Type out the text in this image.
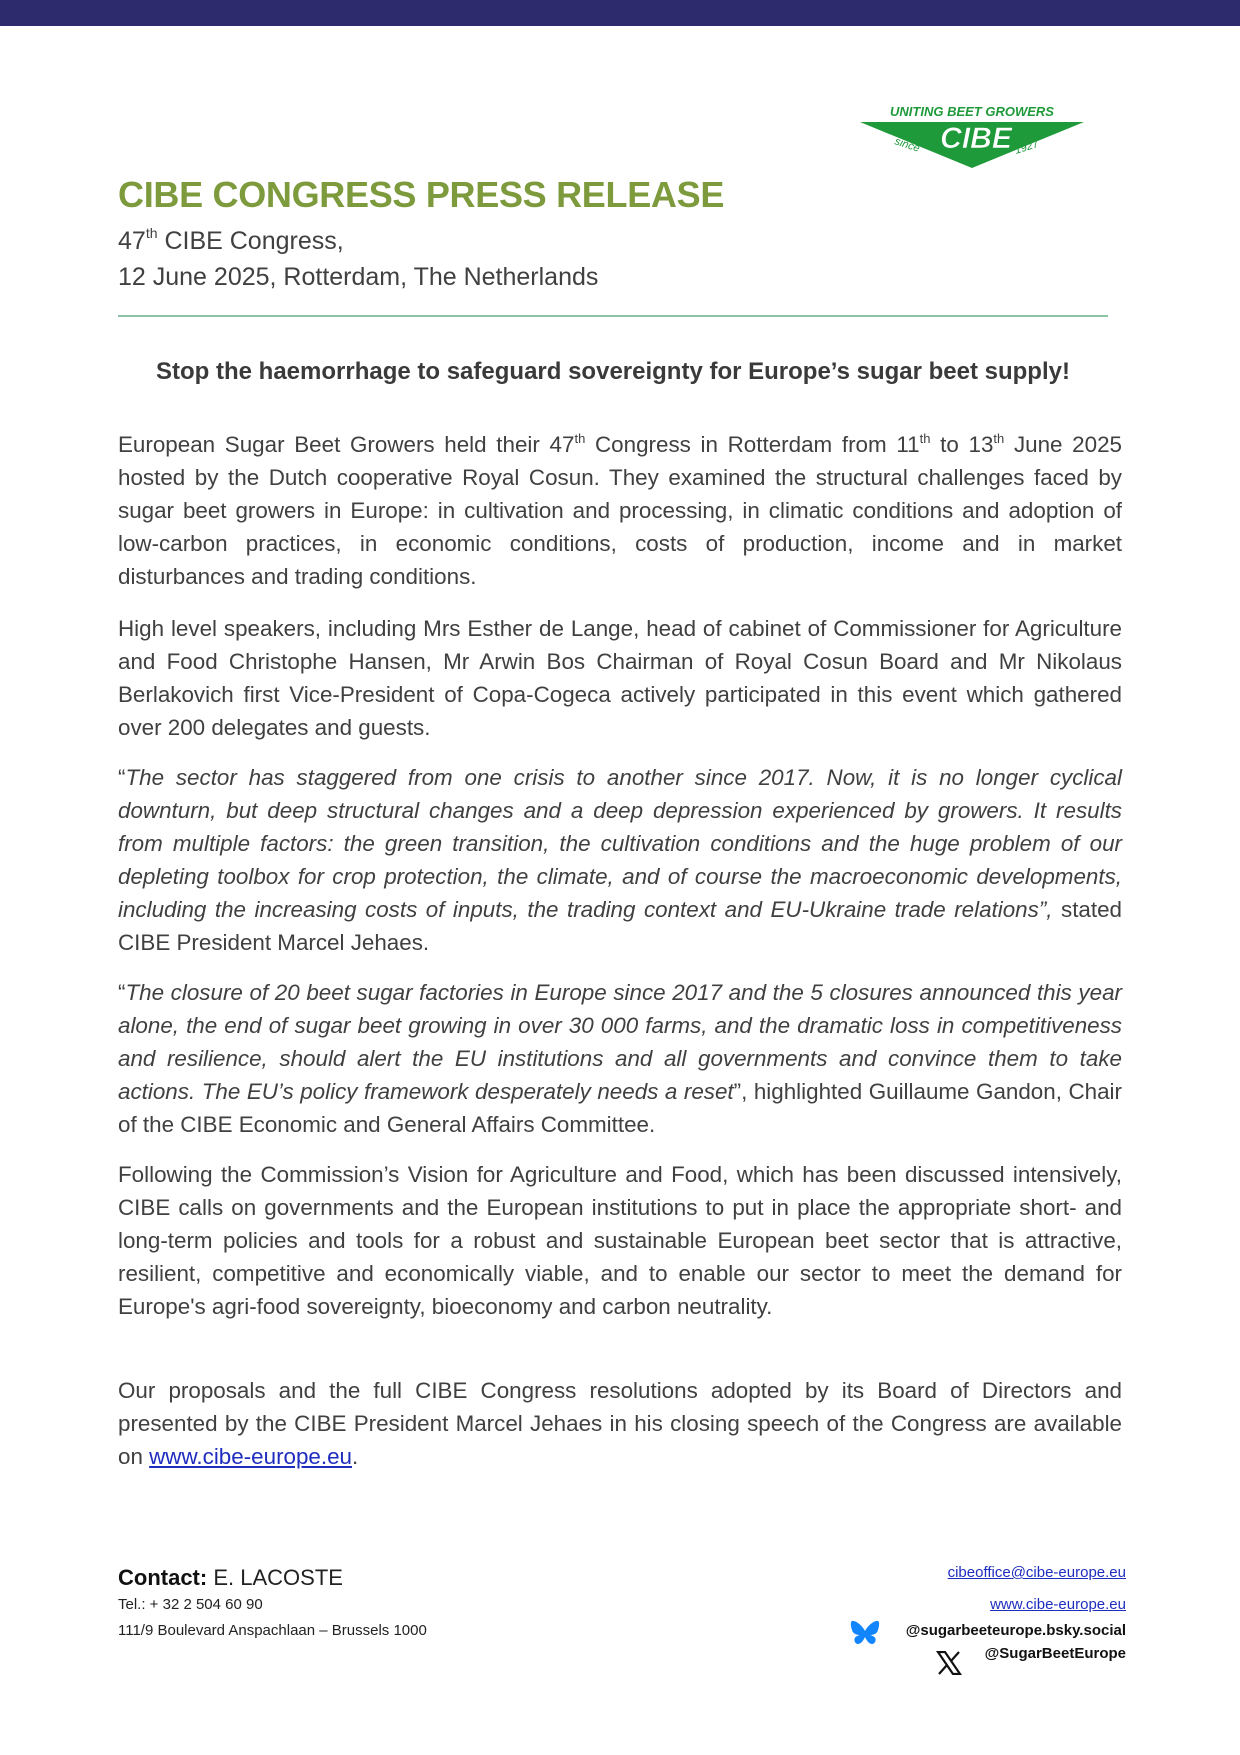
UNITING BEET GROWERS
CIBE
since	1927
CIBE CONGRESS PRESS RELEASE
47th CIBE Congress,
12 June 2025, Rotterdam, The Netherlands
Stop the haemorrhage to safeguard sovereignty for Europe’s sugar beet supply!
European Sugar Beet Growers held their 47th Congress in Rotterdam from 11th to 13th June 2025 hosted by the Dutch cooperative Royal Cosun. They examined the structural challenges faced by sugar beet growers in Europe: in cultivation and processing, in climatic conditions and adoption of low-carbon practices, in economic conditions, costs of production, income and in market disturbances and trading conditions.
High level speakers, including Mrs Esther de Lange, head of cabinet of Commissioner for Agriculture and Food Christophe Hansen, Mr Arwin Bos Chairman of Royal Cosun Board and Mr Nikolaus Berlakovich first Vice-President of Copa-Cogeca actively participated in this event which gathered over 200 delegates and guests.
“The sector has staggered from one crisis to another since 2017. Now, it is no longer cyclical downturn, but deep structural changes and a deep depression experienced by growers. It results from multiple factors: the green transition, the cultivation conditions and the huge problem of our depleting toolbox for crop protection, the climate, and of course the macroeconomic developments, including the increasing costs of inputs, the trading context and EU-Ukraine trade relations”, stated CIBE President Marcel Jehaes.
“The closure of 20 beet sugar factories in Europe since 2017 and the 5 closures announced this year alone, the end of sugar beet growing in over 30 000 farms, and the dramatic loss in competitiveness and resilience, should alert the EU institutions and all governments and convince them to take actions. The EU’s policy framework desperately needs a reset”, highlighted Guillaume Gandon, Chair of the CIBE Economic and General Affairs Committee.
Following the Commission’s Vision for Agriculture and Food, which has been discussed intensively, CIBE calls on governments and the European institutions to put in place the appropriate short- and long-term policies and tools for a robust and sustainable European beet sector that is attractive, resilient, competitive and economically viable, and to enable our sector to meet the demand for Europe's agri-food sovereignty, bioeconomy and carbon neutrality.
Our proposals and the full CIBE Congress resolutions adopted by its Board of Directors and presented by the CIBE President Marcel Jehaes in his closing speech of the Congress are available on www.cibe-europe.eu.
Contact: E. LACOSTE
Tel.: + 32 2 504 60 90
111/9 Boulevard Anspachlaan – Brussels 1000
cibeoffice@cibe-europe.eu
www.cibe-europe.eu
@sugarbeeteurope.bsky.social
@SugarBeetEurope
